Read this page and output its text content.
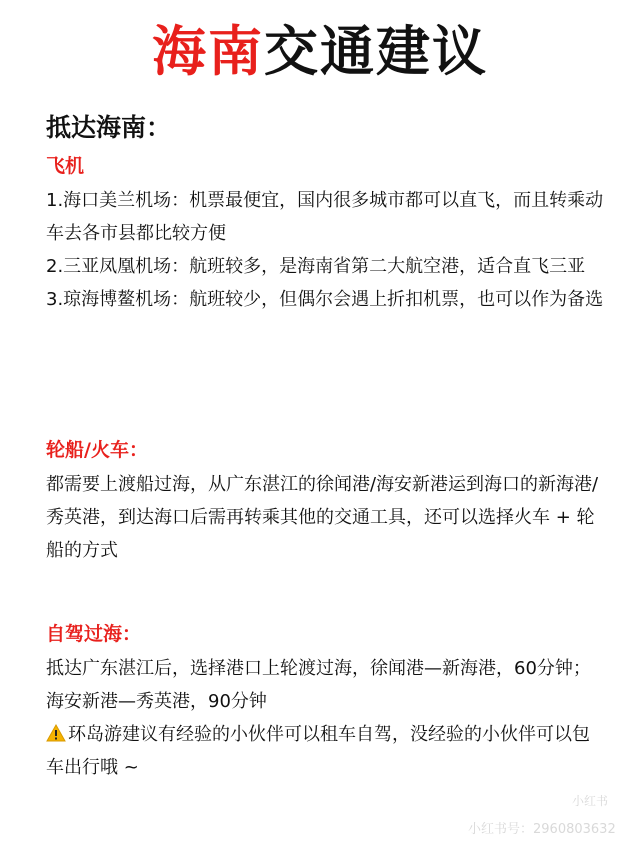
海南交通建议
抵达海南：
飞机

1.海口美兰机场：机票最便宜，国内很多城市都可以直飞，而且转乘动车去各市县都比较方便

2.三亚凤凰机场：航班较多，是海南省第二大航空港，适合直飞三亚

3.琼海博鳌机场：航班较少，但偶尔会遇上折扣机票，也可以作为备选

轮船/火车：
都需要上渡船过海，从广东湛江的徐闻港/海安新港运到海口的新海港/秀英港，到达海口后需再转乘其他的交通工具，还可以选择火车 + 轮船的方式
自驾过海：

抵达广东湛江后，选择港口上轮渡过海，徐闻港—新海港，60分钟；海安新港—秀英港，90分钟

环岛游建议有经验的小伙伴可以租车自驾，没经验的小伙伴可以包车出行哦 ~

小红书
小红书号：2960803632
